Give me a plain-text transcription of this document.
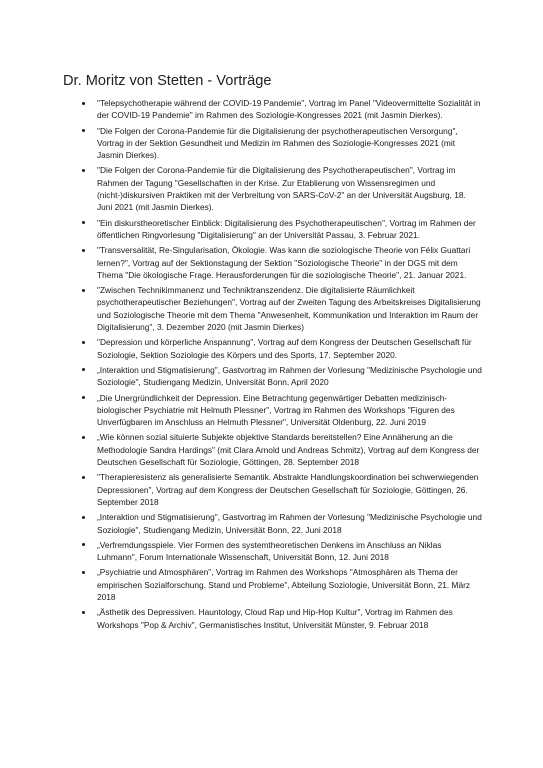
Dr. Moritz von Stetten - Vorträge
"Telepsychotherapie während der COVID-19 Pandemie", Vortrag im Panel "Videovermittelte Sozialität in der COVID-19 Pandemie" im Rahmen des Soziologie-Kongresses 2021 (mit Jasmin Dierkes).
"Die Folgen der Corona-Pandemie für die Digitalisierung der psychotherapeutischen Versorgung", Vortrag in der Sektion Gesundheit und Medizin im Rahmen des Soziologie-Kongresses 2021 (mit Jasmin Dierkes).
"Die Folgen der Corona-Pandemie für die Digitalisierung des Psychotherapeutischen", Vortrag im Rahmen der Tagung "Gesellschaften in der Krise. Zur Etablierung von Wissensregimen und (nicht-)diskursiven Praktiken mit der Verbreitung von SARS-CoV-2" an der Universität Augsburg, 18. Juni 2021 (mit Jasmin Dierkes).
"Ein diskurstheoretischer Einblick: Digitalisierung des Psychotherapeutischen", Vortrag im Rahmen der öffentlichen Ringvorlesung "Digitalisierung" an der Universität Passau, 3. Februar 2021.
"Transversalität, Re-Singularisation, Ökologie. Was kann die soziologische Theorie von Félix Guattari lernen?", Vortrag auf der Sektionstagung der Sektion "Soziologische Theorie" in der DGS mit dem Thema "Die ökologische Frage. Herausforderungen für die soziologische Theorie", 21. Januar 2021.
"Zwischen Technikimmanenz und Techniktranszendenz. Die digitalisierte Räumlichkeit psychotherapeutischer Beziehungen", Vortrag auf der Zweiten Tagung des Arbeitskreises Digitalisierung und Soziologische Theorie mit dem Thema "Anwesenheit, Kommunikation und Interaktion im Raum der Digitalisierung", 3. Dezember 2020 (mit Jasmin Dierkes)
"Depression und körperliche Anspannung", Vortrag auf dem Kongress der Deutschen Gesellschaft für Soziologie, Sektion Soziologie des Körpers und des Sports, 17. September 2020.
„Interaktion und Stigmatisierung", Gastvortrag im Rahmen der Vorlesung "Medizinische Psychologie und Soziologie", Studiengang Medizin, Universität Bonn, April 2020
„Die Unergründlichkeit der Depression. Eine Betrachtung gegenwärtiger Debatten medizinisch-biologischer Psychiatrie mit Helmuth Plessner", Vortrag im Rahmen des Workshops "Figuren des Unverfügbaren im Anschluss an Helmuth Plessner", Universität Oldenburg, 22. Juni 2019
„Wie können sozial situierte Subjekte objektive Standards bereitstellen? Eine Annäherung an die Methodologie Sandra Hardings" (mit Clara Arnold und Andreas Schmitz), Vortrag auf dem Kongress der Deutschen Gesellschaft für Soziologie, Göttingen, 28. September 2018
"Therapieresistenz als generalisierte Semantik. Abstrakte Handlungskoordination bei schwerwiegenden Depressionen", Vortrag auf dem Kongress der Deutschen Gesellschaft für Soziologie, Göttingen, 26. September 2018
„Interaktion und Stigmatisierung", Gastvortrag im Rahmen der Vorlesung "Medizinische Psychologie und Soziologie", Studiengang Medizin, Universität Bonn, 22. Juni 2018
„Verfremdungsspiele. Vier Formen des systemtheoretischen Denkens im Anschluss an Niklas Luhmann", Forum Internationale Wissenschaft, Universität Bonn, 12. Juni 2018
„Psychiatrie und Atmosphären", Vortrag im Rahmen des Workshops "Atmosphären als Thema der empirischen Sozialforschung. Stand und Probleme", Abteilung Soziologie, Universität Bonn, 21. März 2018
„Ästhetik des Depressiven. Hauntology, Cloud Rap und Hip-Hop Kultur", Vortrag im Rahmen des Workshops "Pop & Archiv", Germanistisches Institut, Universität Münster, 9. Februar 2018
